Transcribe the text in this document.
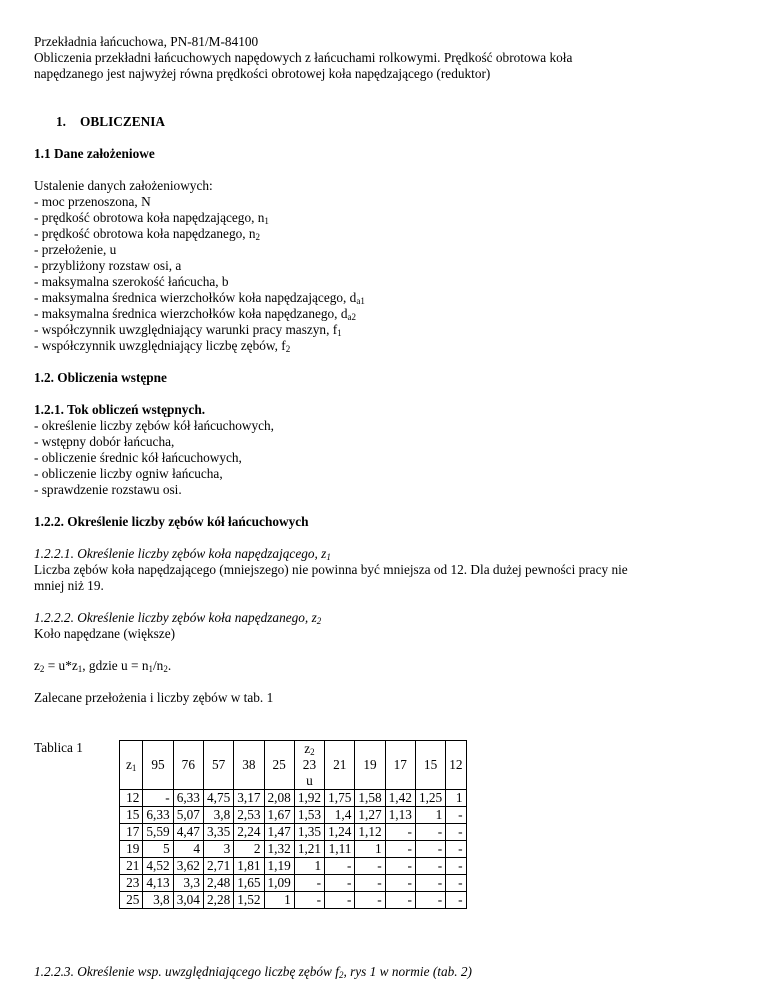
Przekładnia łańcuchowa, PN-81/M-84100

Obliczenia przekładni łańcuchowych napędowych z łańcuchami rolkowymi. Prędkość obrotowa koła

napędzanego jest najwyżej równa prędkości obrotowej koła napędzającego (reduktor)

1. OBLICZENIA

1.1 Dane założeniowe

Ustalenie danych założeniowych:

- moc przenoszona, N

- prędkość obrotowa koła napędzającego, $n_1$

- prędkość obrotowa koła napędzanego, $n_2$

- przełożenie, u

- przybliżony rozstaw osi, a

- maksymalna szerokość łańcucha, b

- maksymalna średnica wierzchołków koła napędzającego, $d_{a1}$

- maksymalna średnica wierzchołków koła napędzanego, $d_{a2}$

- współczynnik uwzględniający warunki pracy maszyn, $f_1$

- współczynnik uwzględniający liczbę zębów, $f_2$

1.2. Obliczenia wstępne

1.2.1. Tok obliczeń wstępnych.

- określenie liczby zębów kół łańcuchowych,

- wstępny dobór łańcucha,

- obliczenie średnic kół łańcuchowych,

- obliczenie liczby ogniw łańcucha,

- sprawdzenie rozstawu osi.

1.2.2. Określenie liczby zębów kół łańcuchowych

1.2.2.1. Określenie liczby zębów koła napędzającego, $z_1$

Liczba zębów koła napędzającego (mniejszego) nie powinna być mniejsza od 12. Dla dużej pewności pracy nie

mniej niż 19.

1.2.2.2. Określenie liczby zębów koła napędzanego, $z_2$

Koło napędzane (większe)

$z_2 = u*z_1$, gdzie $u = n_1/n_2$.

Zalecane przełożenia i liczby zębów w tab. 1

Tablica 1
$z_1$	95	76	57	38	25	$z_2$
23
u	21	19	17	15	12

12	-	6,33	4,75	3,17	2,08	1,92	1,75	1,58	1,42	1,25	1
15	6,33	5,07	3,8	2,53	1,67	1,53	1,4	1,27	1,13	1	-
17	5,59	4,47	3,35	2,24	1,47	1,35	1,24	1,12	-	-	-
19	5	4	3	2	1,32	1,21	1,11	1	-	-	-
21	4,52	3,62	2,71	1,81	1,19	1	-	-	-	-	-
23	4,13	3,3	2,48	1,65	1,09	-	-	-	-	-	-
25	3,8	3,04	2,28	1,52	1	-	-	-	-	-	-

1.2.2.3. Określenie wsp. uwzględniającego liczbę zębów $f_2$, rys 1 w normie (tab. 2)
